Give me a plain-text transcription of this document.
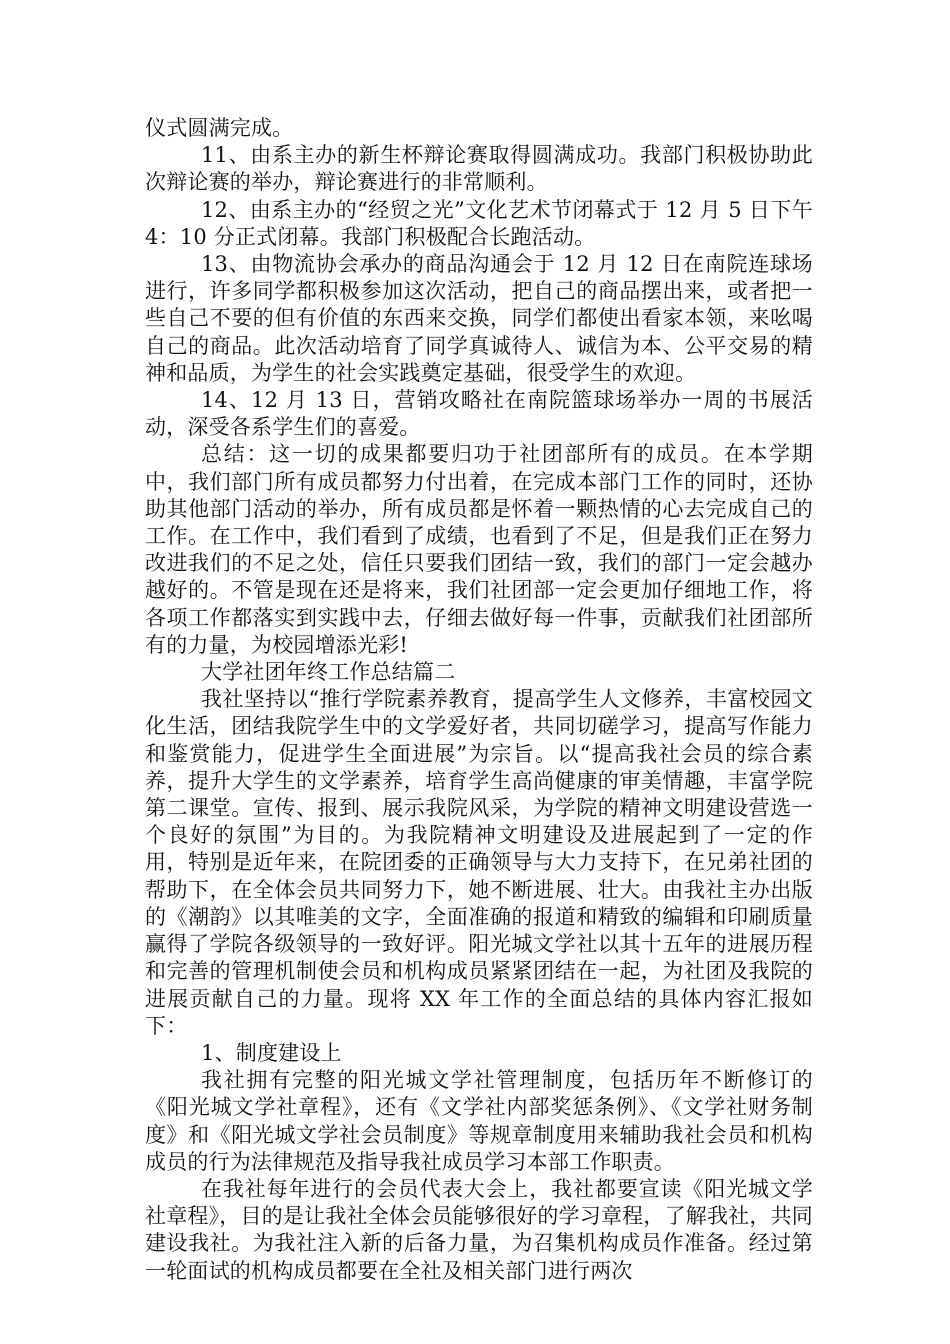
仪式圆满完成。

11、由系主办的新生杯辩论赛取得圆满成功。我部门积极协助此次辩论赛的举办，辩论赛进行的非常顺利。

12、由系主办的“经贸之光”文化艺术节闭幕式于 12 月 5 日下午 4：10 分正式闭幕。我部门积极配合长跑活动。

13、由物流协会承办的商品沟通会于 12 月 12 日在南院连球场进行，许多同学都积极参加这次活动，把自己的商品摆出来，或者把一些自己不要的但有价值的东西来交换，同学们都使出看家本领，来吆喝自己的商品。此次活动培育了同学真诚待人、诚信为本、公平交易的精神和品质，为学生的社会实践奠定基础，很受学生的欢迎。

14、12 月 13 日，营销攻略社在南院篮球场举办一周的书展活动，深受各系学生们的喜爱。

总结：这一切的成果都要归功于社团部所有的成员。在本学期中，我们部门所有成员都努力付出着，在完成本部门工作的同时，还协助其他部门活动的举办，所有成员都是怀着一颗热情的心去完成自己的工作。在工作中，我们看到了成绩，也看到了不足，但是我们正在努力改进我们的不足之处，信任只要我们团结一致，我们的部门一定会越办越好的。不管是现在还是将来，我们社团部一定会更加仔细地工作，将各项工作都落实到实践中去，仔细去做好每一件事，贡献我们社团部所有的力量，为校园增添光彩!

大学社团年终工作总结篇二

我社坚持以“推行学院素养教育，提高学生人文修养，丰富校园文化生活，团结我院学生中的文学爱好者，共同切磋学习，提高写作能力和鉴赏能力，促进学生全面进展”为宗旨。以“提高我社会员的综合素养，提升大学生的文学素养，培育学生高尚健康的审美情趣，丰富学院第二课堂。宣传、报到、展示我院风采，为学院的精神文明建设营选一个良好的氛围”为目的。为我院精神文明建设及进展起到了一定的作用，特别是近年来，在院团委的正确领导与大力支持下，在兄弟社团的帮助下，在全体会员共同努力下，她不断进展、壮大。由我社主办出版的《潮韵》以其唯美的文字，全面准确的报道和精致的编辑和印刷质量赢得了学院各级领导的一致好评。阳光城文学社以其十五年的进展历程和完善的管理机制使会员和机构成员紧紧团结在一起，为社团及我院的进展贡献自己的力量。现将 XX 年工作的全面总结的具体内容汇报如下：

1、制度建设上

我社拥有完整的阳光城文学社管理制度，包括历年不断修订的《阳光城文学社章程》，还有《文学社内部奖惩条例》、《文学社财务制度》和《阳光城文学社会员制度》等规章制度用来辅助我社会员和机构成员的行为法律规范及指导我社成员学习本部工作职责。

在我社每年进行的会员代表大会上，我社都要宣读《阳光城文学社章程》，目的是让我社全体会员能够很好的学习章程，了解我社，共同建设我社。为我社注入新的后备力量，为召集机构成员作准备。经过第一轮面试的机构成员都要在全社及相关部门进行两次
